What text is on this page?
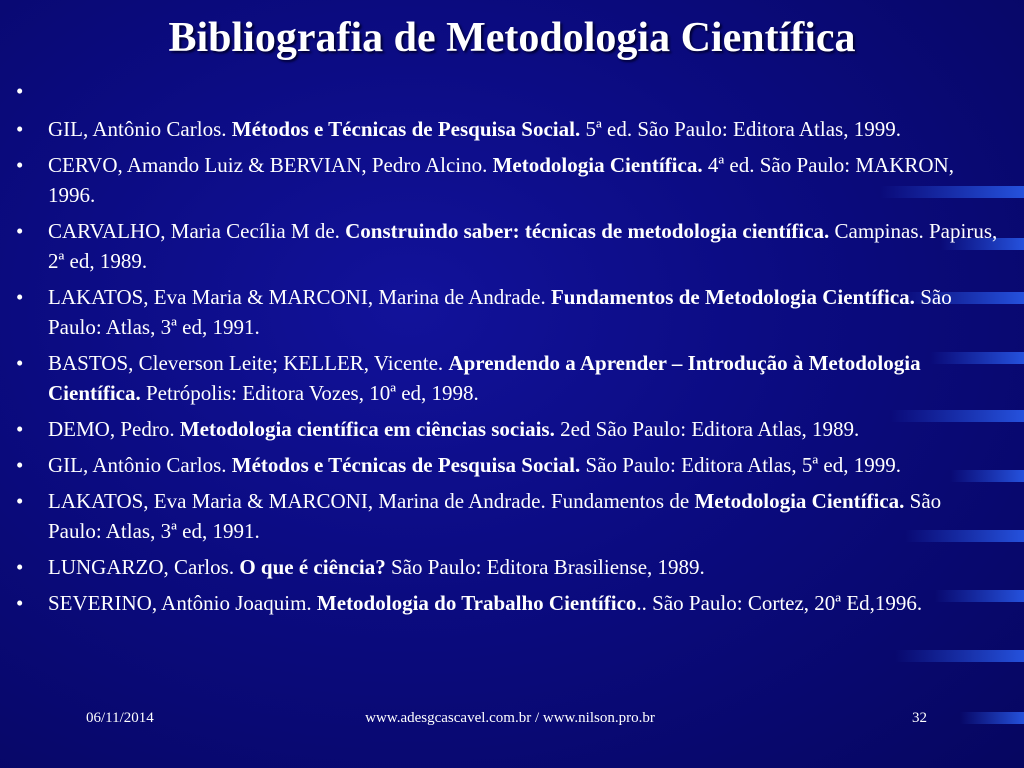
Bibliografia de Metodologia Científica
•
•	GIL, Antônio Carlos. Métodos e Técnicas de Pesquisa Social. 5ª ed. São Paulo: Editora Atlas, 1999.
•	CERVO, Amando Luiz & BERVIAN, Pedro Alcino. Metodologia Científica. 4ª ed. São Paulo: MAKRON, 1996.
•	CARVALHO, Maria Cecília M de. Construindo saber: técnicas de metodologia científica. Campinas. Papirus, 2ª ed, 1989.
•	LAKATOS, Eva Maria & MARCONI, Marina de Andrade. Fundamentos de Metodologia Científica. São Paulo: Atlas, 3ª ed, 1991.
•	BASTOS, Cleverson Leite; KELLER, Vicente. Aprendendo a Aprender – Introdução à Metodologia Científica. Petrópolis: Editora Vozes, 10ª ed, 1998.
•	DEMO, Pedro. Metodologia científica em ciências sociais. 2ed São Paulo: Editora Atlas, 1989.
•	GIL, Antônio Carlos. Métodos e Técnicas de Pesquisa Social. São Paulo: Editora Atlas, 5ª ed, 1999.
•	LAKATOS, Eva Maria & MARCONI, Marina de Andrade. Fundamentos de Metodologia Científica. São Paulo: Atlas, 3ª ed, 1991.
•	LUNGARZO, Carlos. O que é ciência? São Paulo: Editora Brasiliense, 1989.
•	SEVERINO, Antônio Joaquim. Metodologia do Trabalho Científico.. São Paulo: Cortez, 20ª Ed,1996.
06/11/2014	www.adesgcascavel.com.br / www.nilson.pro.br	32
